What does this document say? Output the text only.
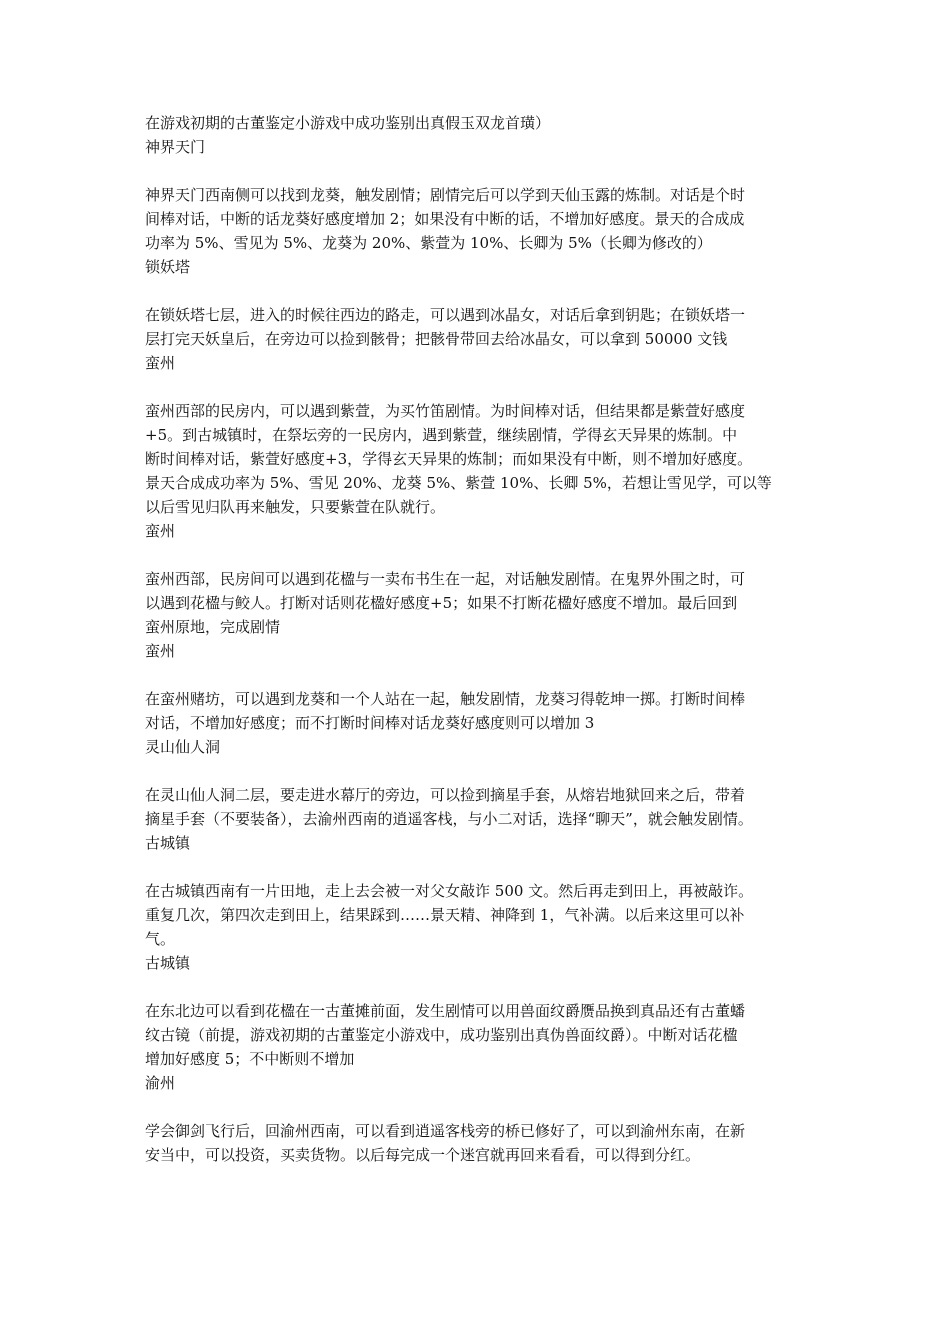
在游戏初期的古董鉴定小游戏中成功鉴别出真假玉双龙首璜）

神界天门

神界天门西南侧可以找到龙葵，触发剧情；剧情完后可以学到天仙玉露的炼制。对话是个时

间棒对话，中断的话龙葵好感度增加 2；如果没有中断的话，不增加好感度。景天的合成成

功率为 5%、雪见为 5%、龙葵为 20%、紫萱为 10%、长卿为 5%（长卿为修改的）

锁妖塔

在锁妖塔七层，进入的时候往西边的路走，可以遇到冰晶女，对话后拿到钥匙；在锁妖塔一

层打完天妖皇后，在旁边可以捡到骸骨；把骸骨带回去给冰晶女，可以拿到 50000 文钱

蛮州

蛮州西部的民房内，可以遇到紫萱，为买竹笛剧情。为时间棒对话，但结果都是紫萱好感度

+5。到古城镇时，在祭坛旁的一民房内，遇到紫萱，继续剧情，学得玄天异果的炼制。中

断时间棒对话，紫萱好感度+3，学得玄天异果的炼制；而如果没有中断，则不增加好感度。

景天合成成功率为 5%、雪见 20%、龙葵 5%、紫萱 10%、长卿 5%，若想让雪见学，可以等

以后雪见归队再来触发，只要紫萱在队就行。

蛮州

蛮州西部，民房间可以遇到花楹与一卖布书生在一起，对话触发剧情。在鬼界外围之时，可

以遇到花楹与鲛人。打断对话则花楹好感度+5；如果不打断花楹好感度不增加。最后回到

蛮州原地，完成剧情

蛮州

在蛮州赌坊，可以遇到龙葵和一个人站在一起，触发剧情，龙葵习得乾坤一掷。打断时间棒

对话，不增加好感度；而不打断时间棒对话龙葵好感度则可以增加 3

灵山仙人洞

在灵山仙人洞二层，要走进水幕厅的旁边，可以捡到摘星手套，从熔岩地狱回来之后，带着

摘星手套（不要装备），去渝州西南的逍遥客栈，与小二对话，选择“聊天”，就会触发剧情。

古城镇

在古城镇西南有一片田地，走上去会被一对父女敲诈 500 文。然后再走到田上，再被敲诈。

重复几次，第四次走到田上，结果踩到……景天精、神降到 1，气补满。以后来这里可以补

气。

古城镇

在东北边可以看到花楹在一古董摊前面，发生剧情可以用兽面纹爵赝品换到真品还有古董蟠

纹古镜（前提，游戏初期的古董鉴定小游戏中，成功鉴别出真伪兽面纹爵）。中断对话花楹

增加好感度 5；不中断则不增加

渝州

学会御剑飞行后，回渝州西南，可以看到逍遥客栈旁的桥已修好了，可以到渝州东南，在新

安当中，可以投资，买卖货物。以后每完成一个迷宫就再回来看看，可以得到分红。
